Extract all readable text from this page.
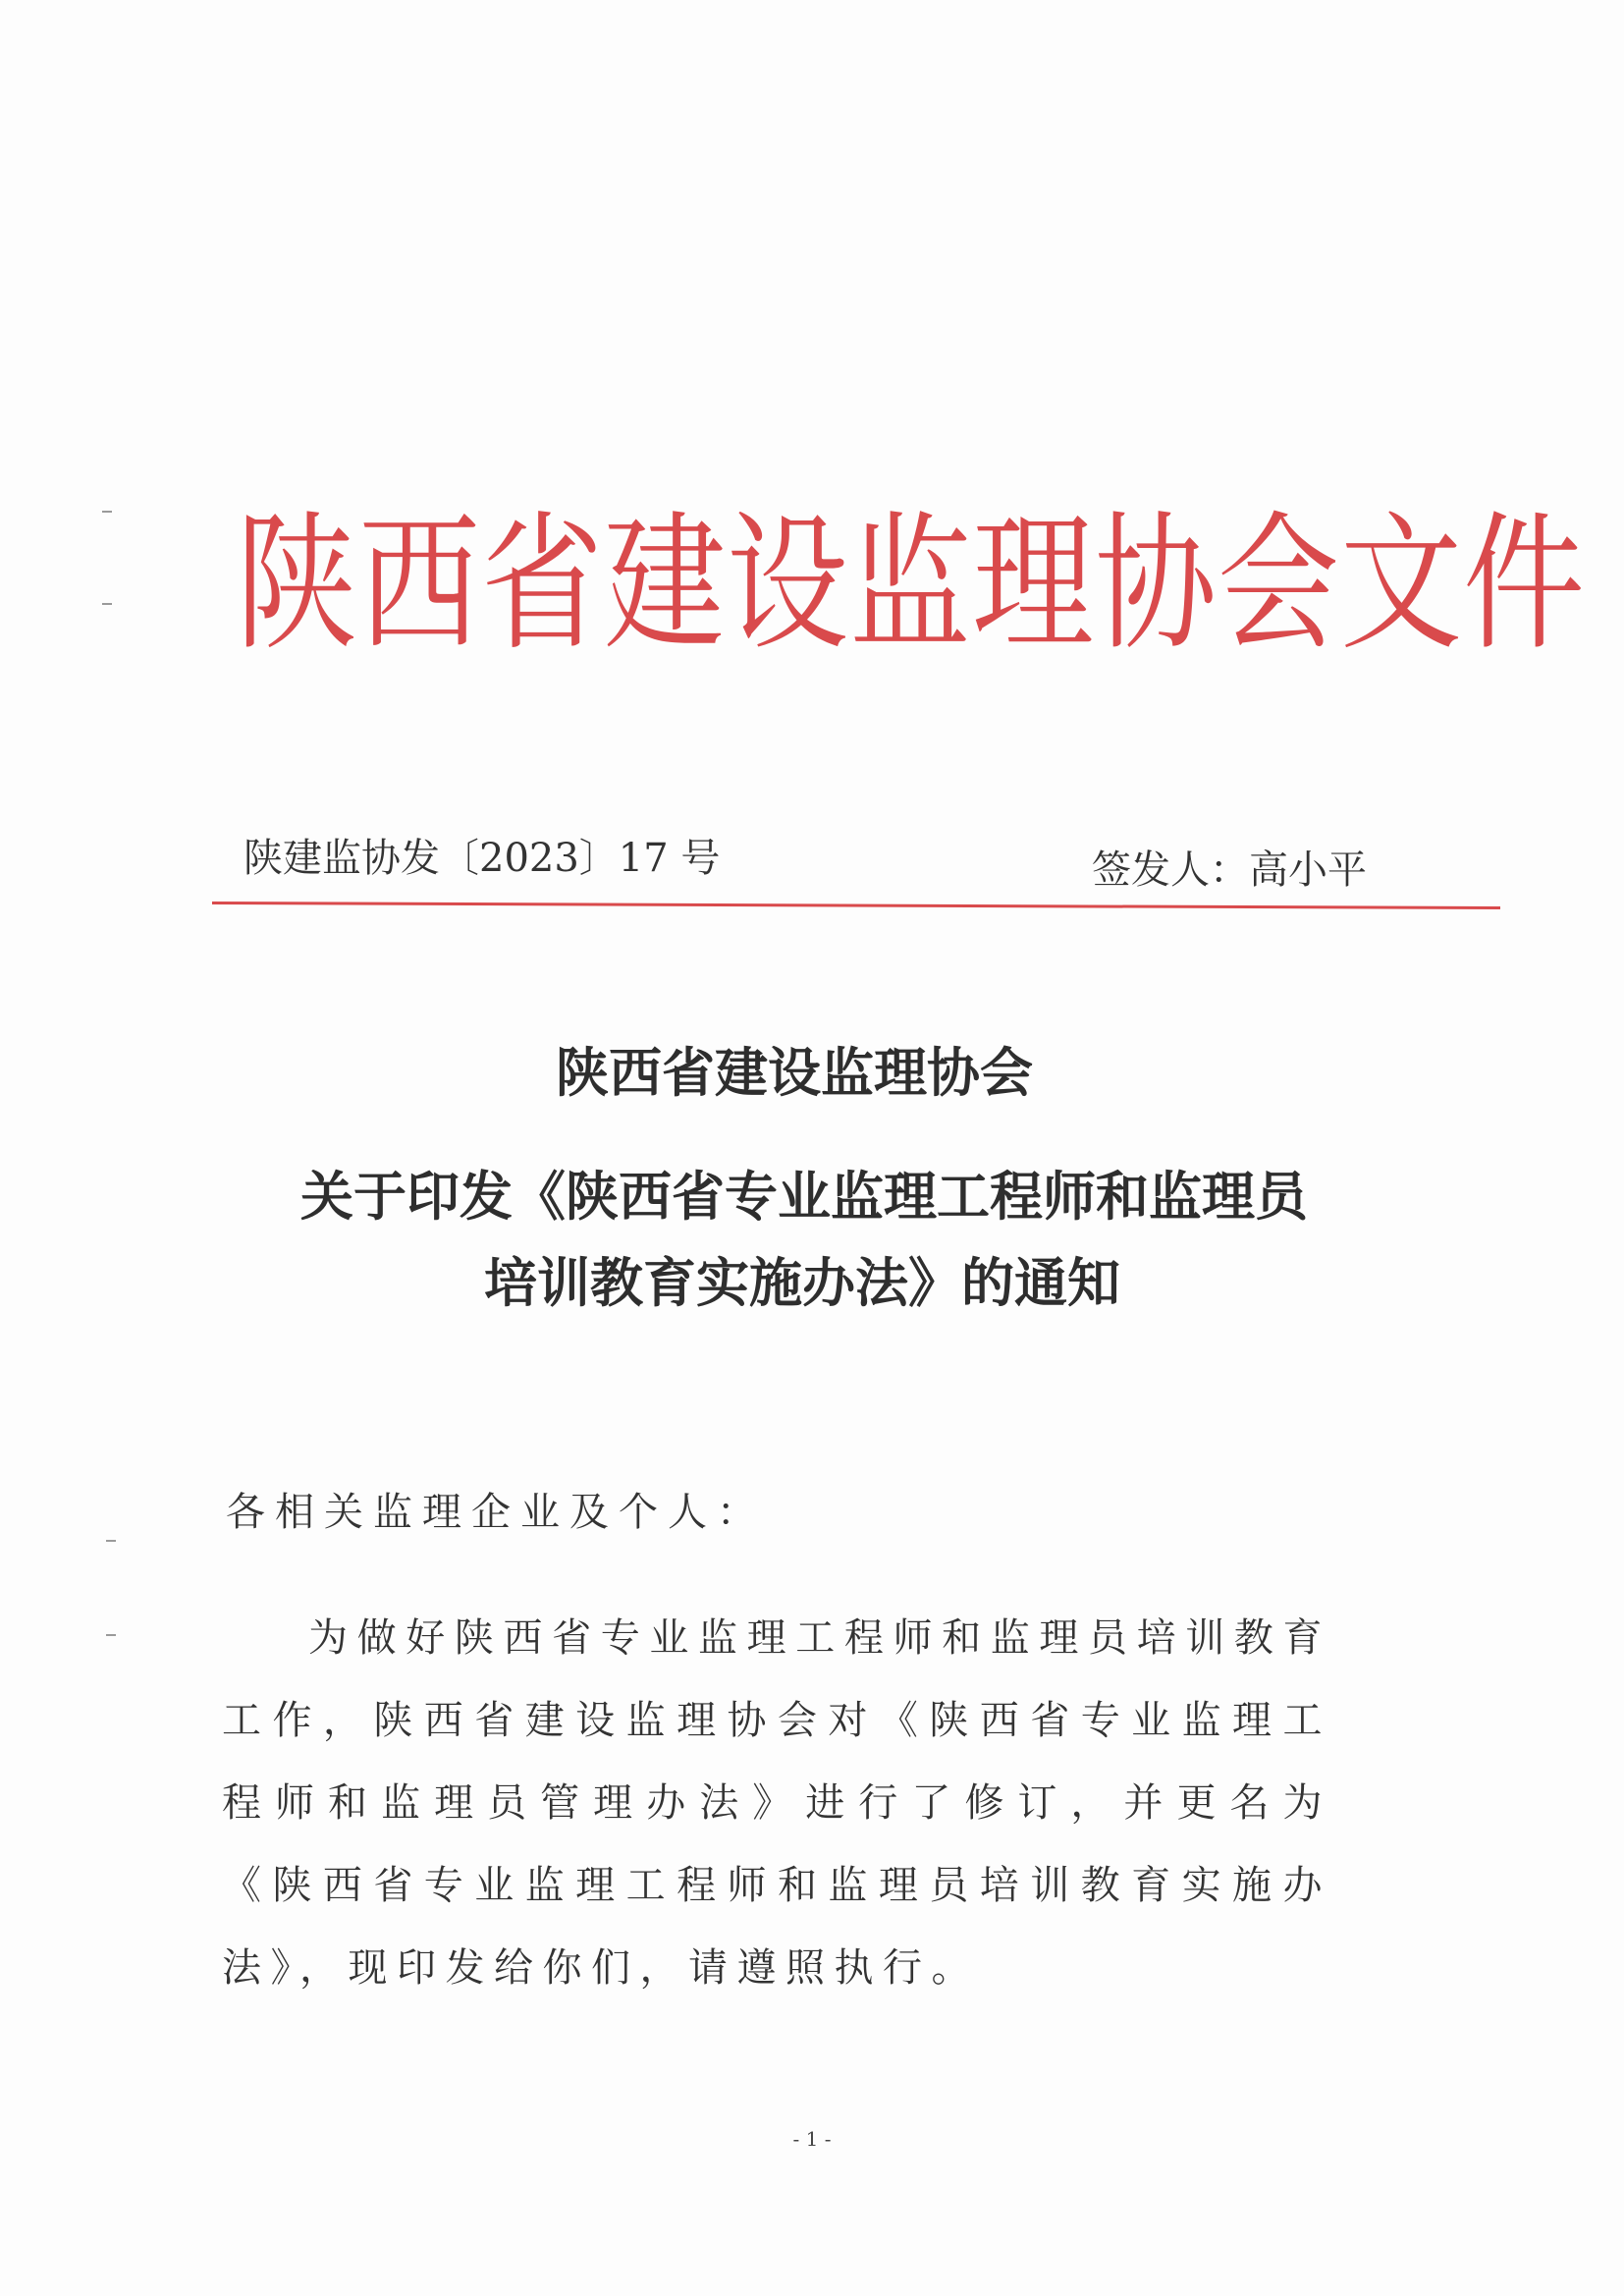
陕西省建设监理协会文件
陕建监协发〔2023〕17 号	签发人：高小平
陕西省建设监理协会
关于印发《陕西省专业监理工程师和监理员
培训教育实施办法》的通知
各相关监理企业及个人：
为做好陕西省专业监理工程师和监理员培训教育工作，陕西省建设监理协会对《陕西省专业监理工程师和监理员管理办法》进行了修订，并更名为《陕西省专业监理工程师和监理员培训教育实施办法》，现印发给你们，请遵照执行。
- 1 -
